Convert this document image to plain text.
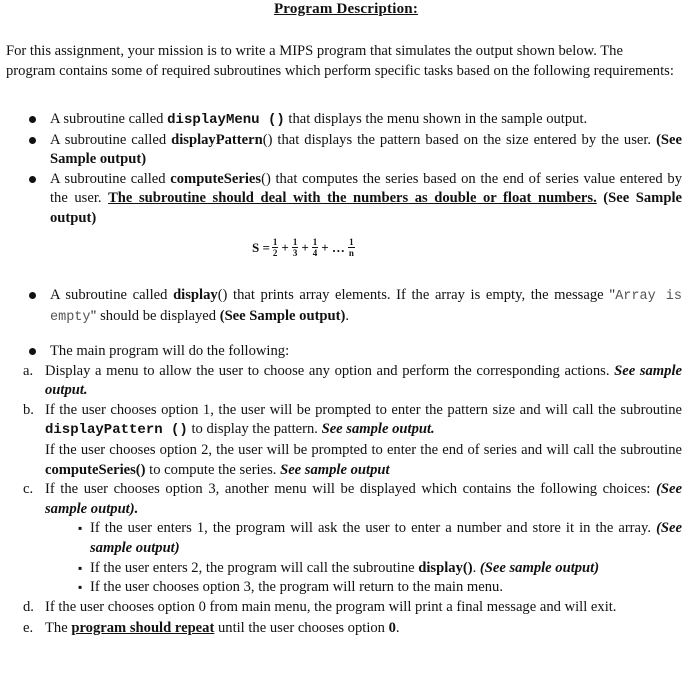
Program Description:
For this assignment, your mission is to write a MIPS program that simulates the output shown below. The program contains some of required subroutines which perform specific tasks based on the following requirements:
A subroutine called displayMenu () that displays the menu shown in the sample output.
A subroutine called displayPattern() that displays the pattern based on the size entered by the user. (See Sample output)
A subroutine called computeSeries() that computes the series based on the end of series value entered by the user. The subroutine should deal with the numbers as double or float numbers. (See Sample output)
$S = \frac{1}{2} + \frac{1}{3} + \frac{1}{4}$ + … $\frac{1}{n}$
A subroutine called display() that prints array elements. If the array is empty, the message "Array is empty" should be displayed (See Sample output).
The main program will do the following:
a. Display a menu to allow the user to choose any option and perform the corresponding actions. See sample output.
b. If the user chooses option 1, the user will be prompted to enter the pattern size and will call the subroutine displayPattern () to display the pattern. See sample output.
If the user chooses option 2, the user will be prompted to enter the end of series and will call the subroutine computeSeries() to compute the series. See sample output
c. If the user chooses option 3, another menu will be displayed which contains the following choices: (See sample output).
▪ If the user enters 1, the program will ask the user to enter a number and store it in the array. (See sample output)
▪ If the user enters 2, the program will call the subroutine display(). (See sample output)
▪ If the user chooses option 3, the program will return to the main menu.
d. If the user chooses option 0 from main menu, the program will print a final message and will exit.
e. The program should repeat until the user chooses option 0.
